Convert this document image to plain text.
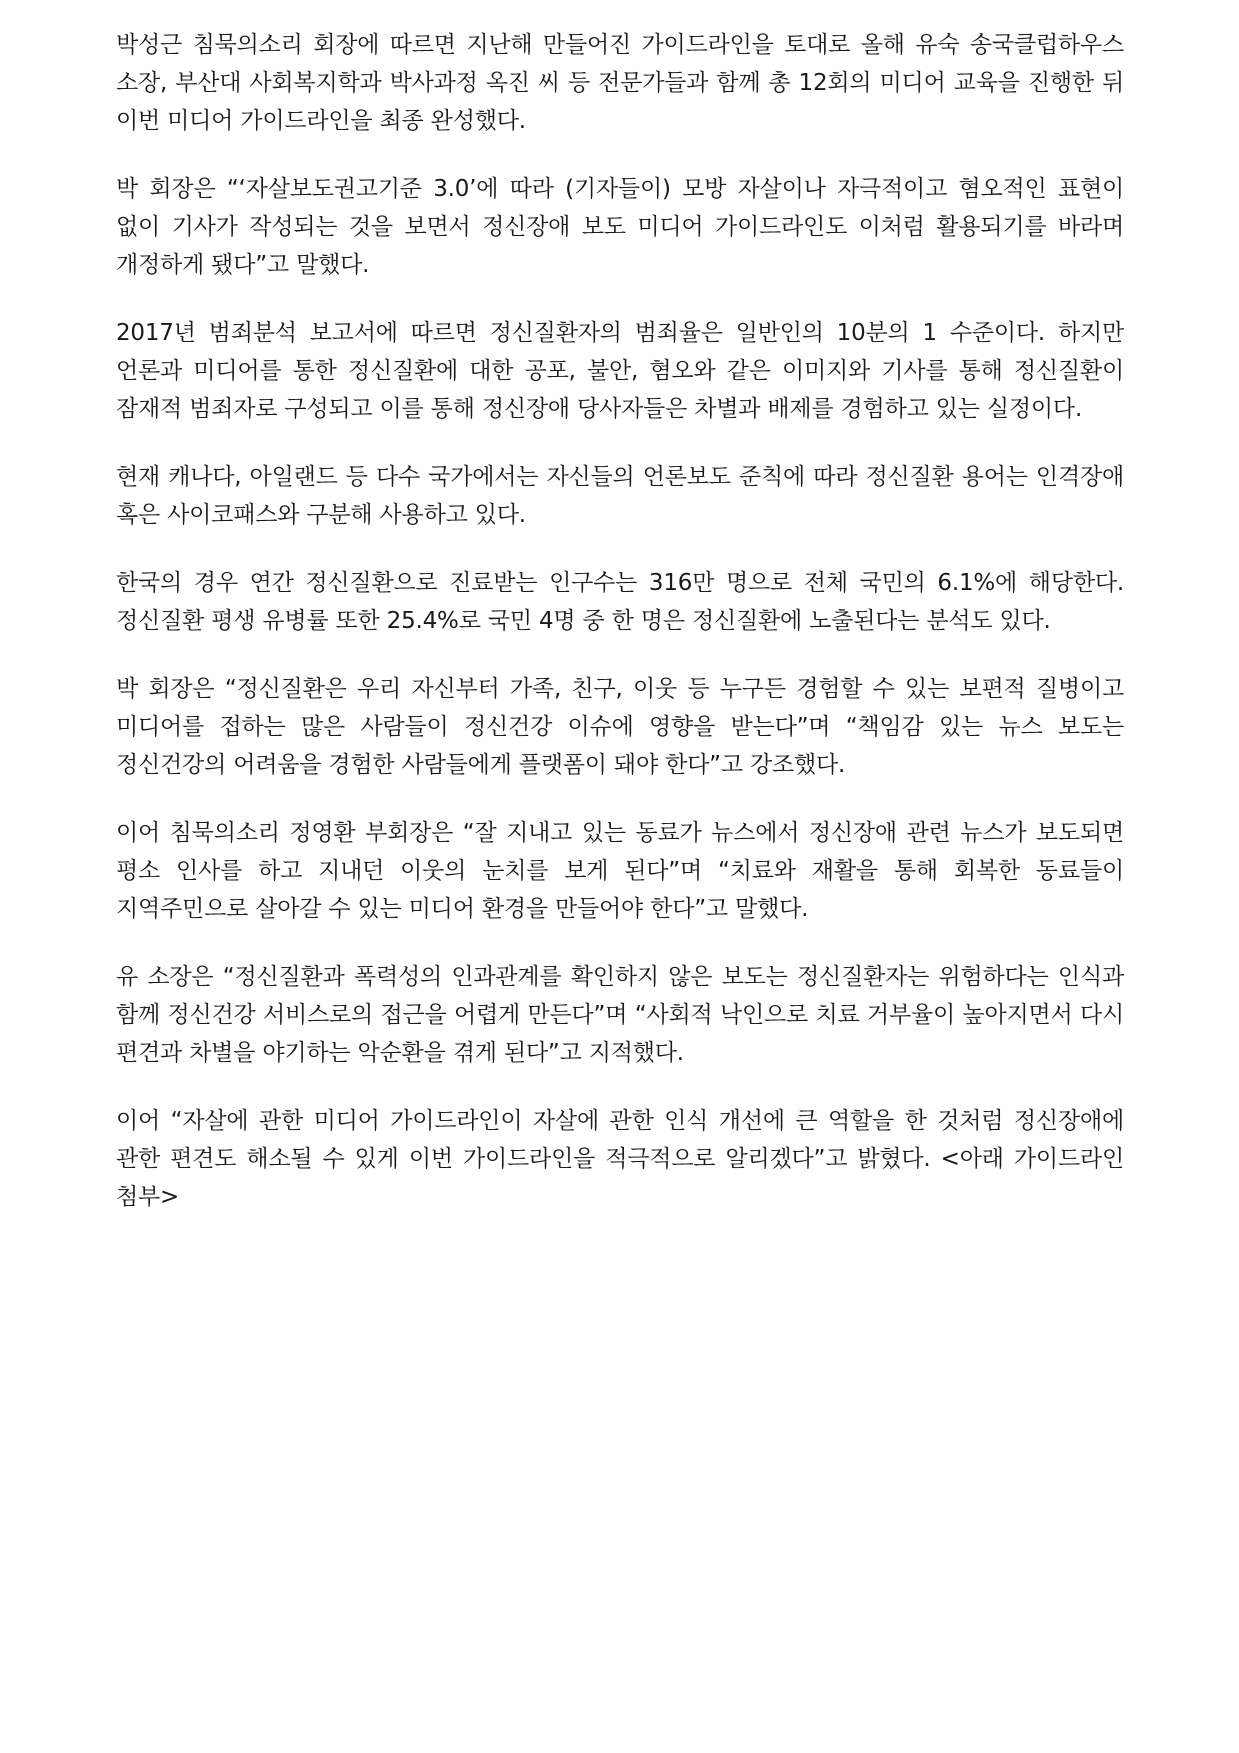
박성근 침묵의소리 회장에 따르면 지난해 만들어진 가이드라인을 토대로 올해 유숙 송국클럽하우스 소장, 부산대 사회복지학과 박사과정 옥진 씨 등 전문가들과 함께 총 12회의 미디어 교육을 진행한 뒤 이번 미디어 가이드라인을 최종 완성했다.

박 회장은 “‘자살보도권고기준 3.0’에 따라 (기자들이) 모방 자살이나 자극적이고 혐오적인 표현이 없이 기사가 작성되는 것을 보면서 정신장애 보도 미디어 가이드라인도 이처럼 활용되기를 바라며 개정하게 됐다”고 말했다.

2017년 범죄분석 보고서에 따르면 정신질환자의 범죄율은 일반인의 10분의 1 수준이다. 하지만 언론과 미디어를 통한 정신질환에 대한 공포, 불안, 혐오와 같은 이미지와 기사를 통해 정신질환이 잠재적 범죄자로 구성되고 이를 통해 정신장애 당사자들은 차별과 배제를 경험하고 있는 실정이다.

현재 캐나다, 아일랜드 등 다수 국가에서는 자신들의 언론보도 준칙에 따라 정신질환 용어는 인격장애 혹은 사이코패스와 구분해 사용하고 있다.

한국의 경우 연간 정신질환으로 진료받는 인구수는 316만 명으로 전체 국민의 6.1%에 해당한다. 정신질환 평생 유병률 또한 25.4%로 국민 4명 중 한 명은 정신질환에 노출된다는 분석도 있다.

박 회장은 “정신질환은 우리 자신부터 가족, 친구, 이웃 등 누구든 경험할 수 있는 보편적 질병이고 미디어를 접하는 많은 사람들이 정신건강 이슈에 영향을 받는다”며 “책임감 있는 뉴스 보도는 정신건강의 어려움을 경험한 사람들에게 플랫폼이 돼야 한다”고 강조했다.

이어 침묵의소리 정영환 부회장은 “잘 지내고 있는 동료가 뉴스에서 정신장애 관련 뉴스가 보도되면 평소 인사를 하고 지내던 이웃의 눈치를 보게 된다”며 “치료와 재활을 통해 회복한 동료들이 지역주민으로 살아갈 수 있는 미디어 환경을 만들어야 한다”고 말했다.

유 소장은 “정신질환과 폭력성의 인과관계를 확인하지 않은 보도는 정신질환자는 위험하다는 인식과 함께 정신건강 서비스로의 접근을 어렵게 만든다”며 “사회적 낙인으로 치료 거부율이 높아지면서 다시 편견과 차별을 야기하는 악순환을 겪게 된다”고 지적했다.

이어 “자살에 관한 미디어 가이드라인이 자살에 관한 인식 개선에 큰 역할을 한 것처럼 정신장애에 관한 편견도 해소될 수 있게 이번 가이드라인을 적극적으로 알리겠다”고 밝혔다. <아래 가이드라인 첨부>
